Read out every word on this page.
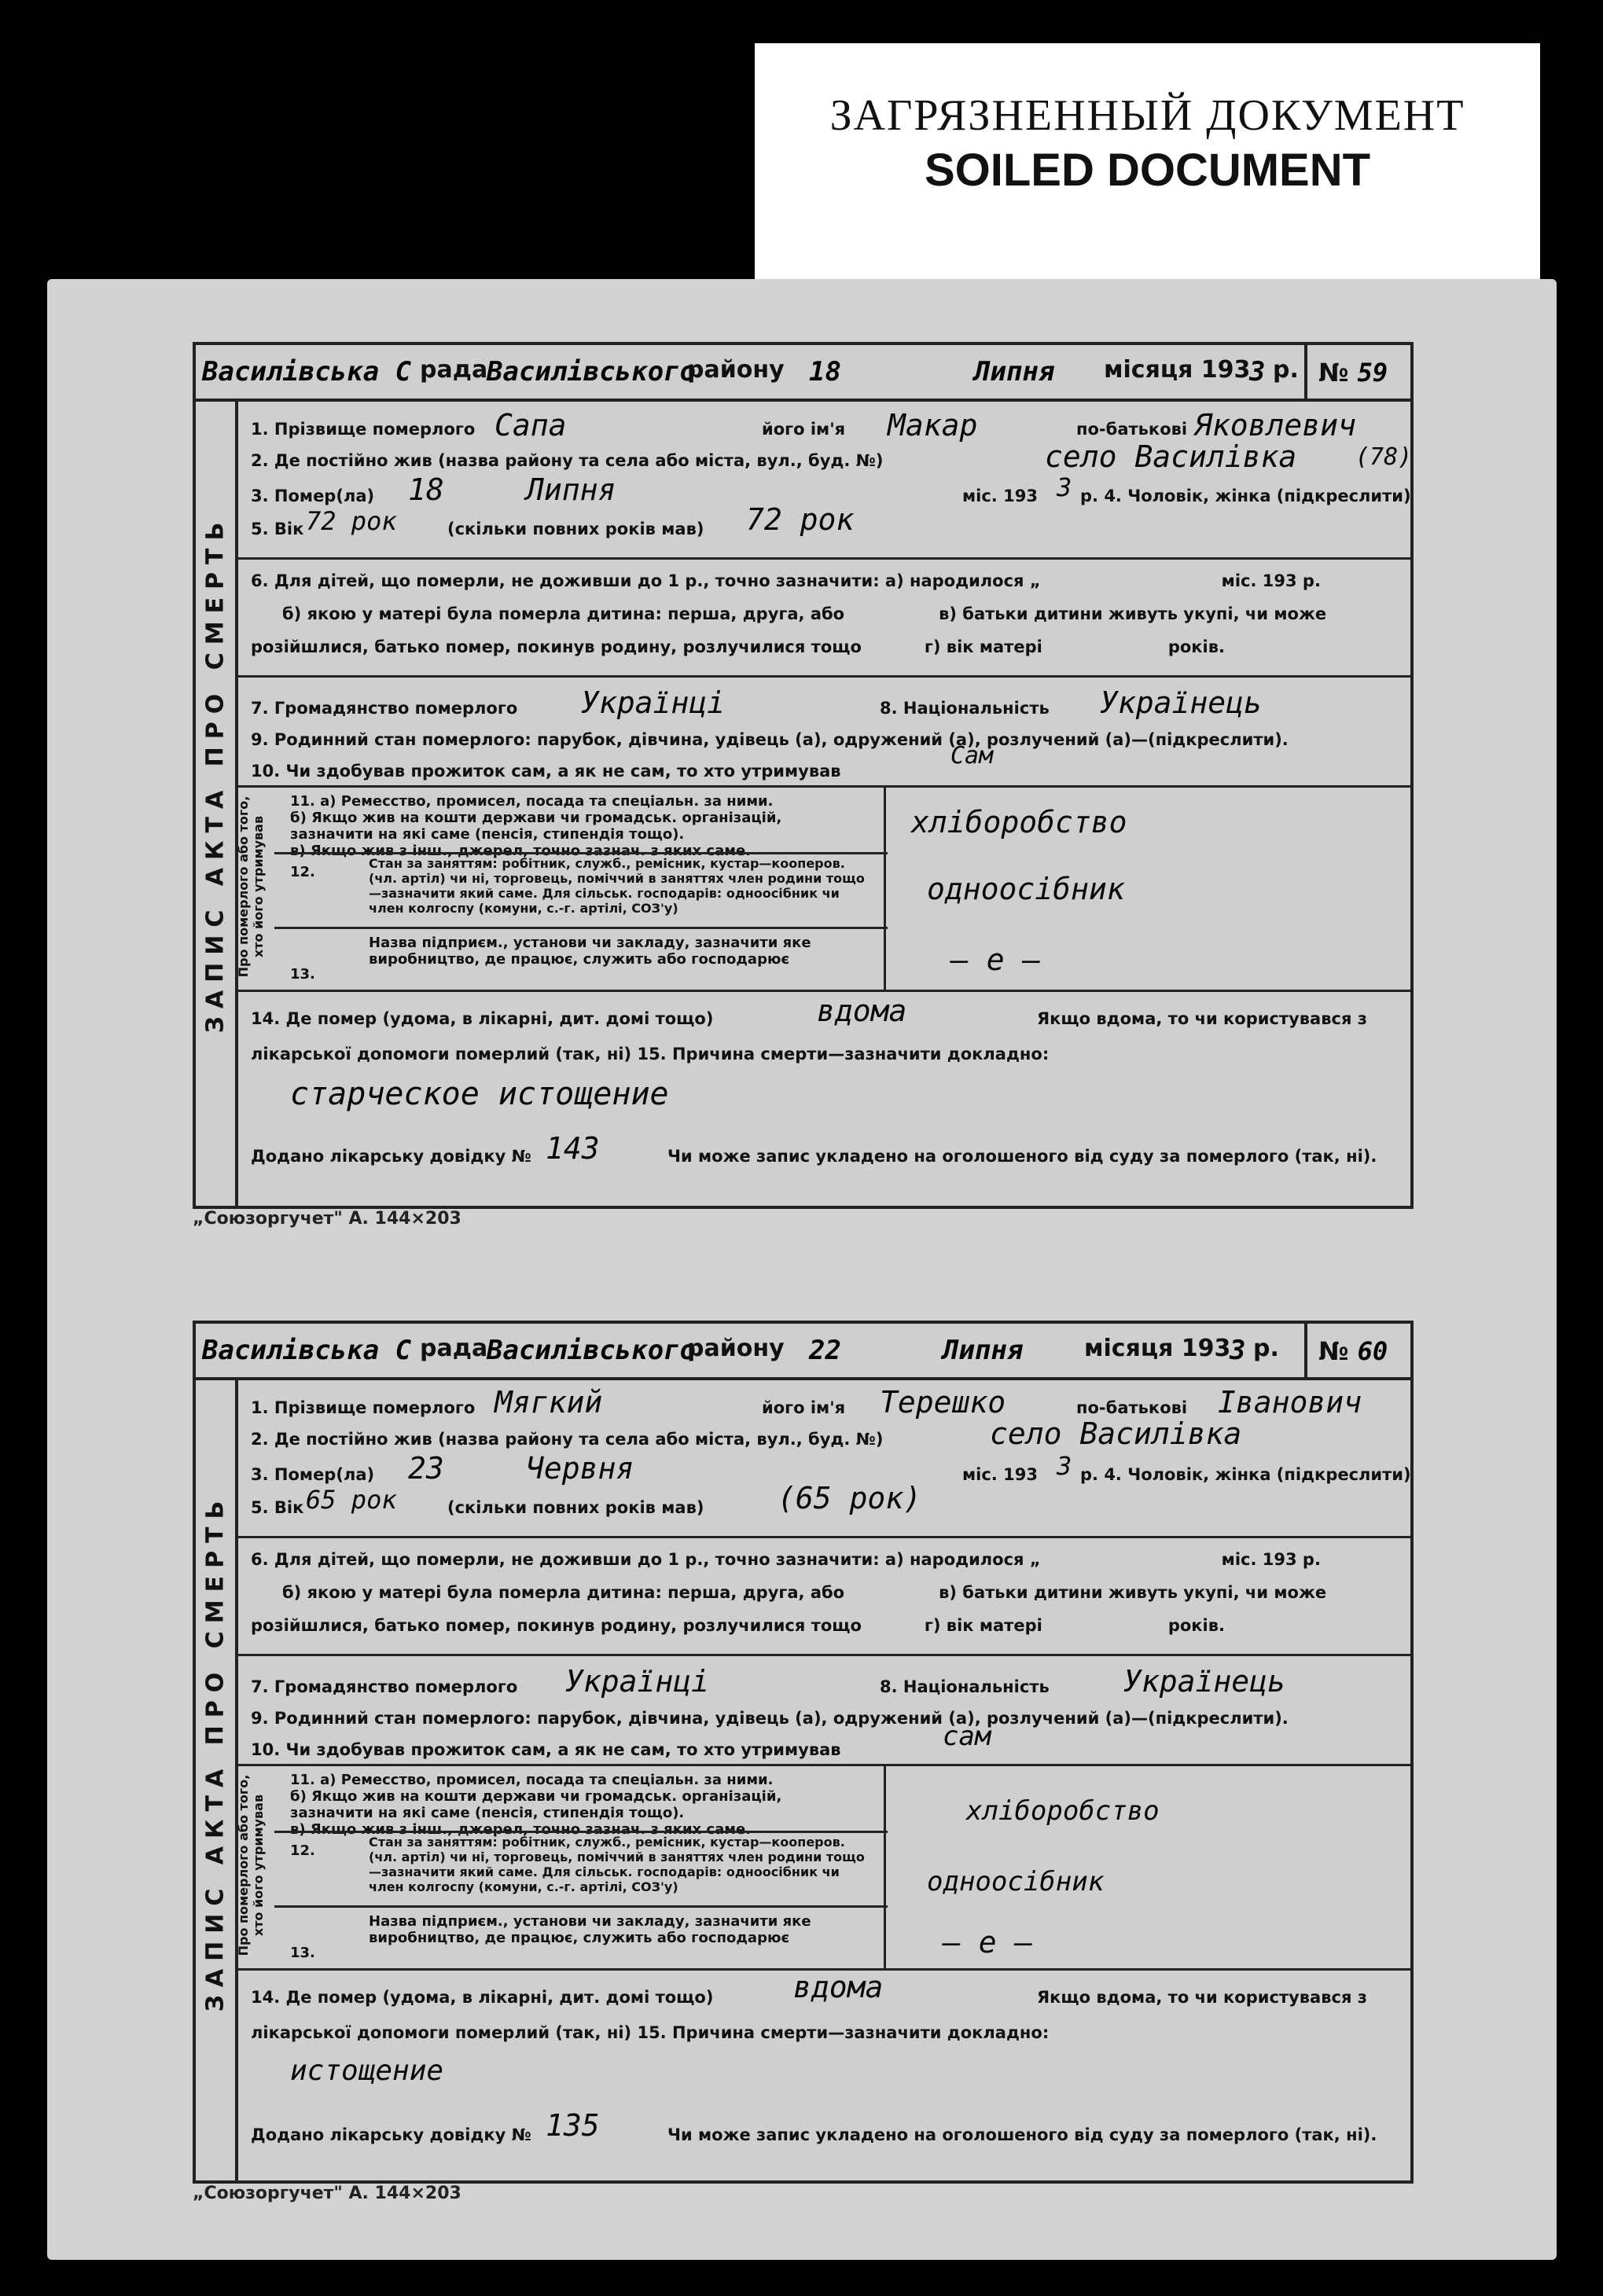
ЗАГРЯЗНЕННЫЙ ДОКУМЕНТ
SOILED DOCUMENT
Василівська С рада
Василівського
району 18	Липня місяця 193
3 р. № 59
ЗАПИС АКТА ПРО СМЕРТЬ
1. Прізвище померлого Сапа	його ім'я Макар	по-батькові Яковлевич
2. Де постійно жив (назва району та села або міста, вул., буд. №)	село Василівка (78)
3. Помер(ла) 18	Липня	міс. 193 3 р. 4. Чоловік, жінка (підкреслити)
5. Вік 72 рок	(скільки повних років мав) 72 рок
6. Для дітей, що померли, не доживши до 1 р., точно зазначити: а) народилося „	міс. 193 р.
б) якою у матері була померла дитина: перша, друга, або	в) батьки дитини живуть укупі, чи може
розійшлися, батько помер, покинув родину, розлучилися тощо	г) вік матері	років.
7. Громадянство померлого Українці	8. Національність Українець
9. Родинний стан померлого: парубок, дівчина, удівець (а), одружений (а), розлучений (а)—(підкреслити).
10. Чи здобував прожиток сам, а як не сам, то хто утримував
Сам
Про померлого або того, хто його утримував
11. а) Ремесство, промисел, посада та спеціальн. за ними.
б) Якщо жив на кошти держави чи громадськ. організацій, зазначити на які саме (пенсія, стипендія тощо).
в) Якщо жив з інш., джерел, точно зазнач. з яких саме.
12.
Стан за заняттям: робітник, служб., ремісник, кустар—кооперов. (чл. артіл) чи ні, торговець, поміччий в заняттях член родини тощо—зазначити який саме. Для сільськ. господарів: одноосібник чи член колгоспу (комуни, с.-г. артілі, СОЗ'у)
13.
Назва підприєм., установи чи закладу, зазначити яке виробництво, де працює, служить або господарює
хліборобство
одноосібник
— е —
14. Де помер (удома, в лікарні, дит. домі тощо)	вдома	Якщо вдома, то чи користувався з
лікарської допомоги померлий (так, ні) 15. Причина смерти—зазначити докладно:
старческое истощение
Додано лікарську довідку № 143	Чи може запис укладено на оголошеного від суду за померлого (так, ні).
„Союзоргучет" А. 144×203
Василівська С рада
Василівського
району 22	Липня	місяця 193
3 р.	№ 60
ЗАПИС АКТА ПРО СМЕРТЬ
1. Прізвище померлого Мягкий	його ім'я Терешко	по-батькові Іванович
2. Де постійно жив (назва району та села або міста, вул., буд. №)	село Василівка
3. Помер(ла) 23	Червня	міс. 193 3 р. 4. Чоловік, жінка (підкреслити)
5. Вік 65 рок	(скільки повних років мав) (65 рок)
6. Для дітей, що померли, не доживши до 1 р., точно зазначити: а) народилося „	міс. 193 р.
б) якою у матері була померла дитина: перша, друга, або	в) батьки дитини живуть укупі, чи може
розійшлися, батько помер, покинув родину, розлучилися тощо	г) вік матері	років.
7. Громадянство померлого Українці	8. Національність Українець
9. Родинний стан померлого: парубок, дівчина, удівець (а), одружений (а), розлучений (а)—(підкреслити).
10. Чи здобував прожиток сам, а як не сам, то хто утримував	сам
Про померлого або того, хто його утримував
11. а) Ремесство, промисел, посада та спеціальн. за ними.
б) Якщо жив на кошти держави чи громадськ. організацій, зазначити на які саме (пенсія, стипендія тощо).
в) Якщо жив з інш., джерел, точно зазнач. з яких саме.
12.
Стан за заняттям: робітник, служб., ремісник, кустар—кооперов. (чл. артіл) чи ні, торговець, поміччий в заняттях член родини тощо—зазначити який саме. Для сільськ. господарів: одноосібник чи член колгоспу (комуни, с.-г. артілі, СОЗ'у)
13.
Назва підприєм., установи чи закладу, зазначити яке виробництво, де працює, служить або господарює
хліборобство
одноосібник
— е —
14. Де помер (удома, в лікарні, дит. домі тощо)	вдома	Якщо вдома, то чи користувався з
лікарської допомоги померлий (так, ні) 15. Причина смерти—зазначити докладно:
истощение
Додано лікарську довідку № 135	Чи може запис укладено на оголошеного від суду за померлого (так, ні).
„Союзоргучет" А. 144×203
